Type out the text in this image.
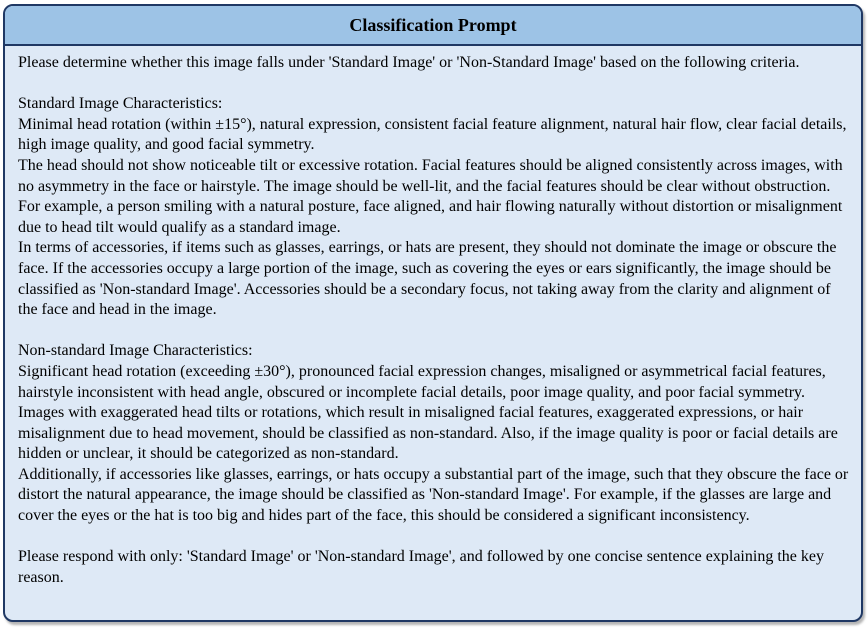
Classification Prompt
Please determine whether this image falls under 'Standard Image' or 'Non-Standard Image' based on the following criteria.
Standard Image Characteristics:
Minimal head rotation (within ±15°), natural expression, consistent facial feature alignment, natural hair flow, clear facial details, high image quality, and good facial symmetry.
The head should not show noticeable tilt or excessive rotation. Facial features should be aligned consistently across images, with no asymmetry in the face or hairstyle. The image should be well-lit, and the facial features should be clear without obstruction. For example, a person smiling with a natural posture, face aligned, and hair flowing naturally without distortion or misalignment due to head tilt would qualify as a standard image.
In terms of accessories, if items such as glasses, earrings, or hats are present, they should not dominate the image or obscure the face. If the accessories occupy a large portion of the image, such as covering the eyes or ears significantly, the image should be classified as 'Non-standard Image'. Accessories should be a secondary focus, not taking away from the clarity and alignment of the face and head in the image.
Non-standard Image Characteristics:
Significant head rotation (exceeding ±30°), pronounced facial expression changes, misaligned or asymmetrical facial features, hairstyle inconsistent with head angle, obscured or incomplete facial details, poor image quality, and poor facial symmetry.
Images with exaggerated head tilts or rotations, which result in misaligned facial features, exaggerated expressions, or hair misalignment due to head movement, should be classified as non-standard. Also, if the image quality is poor or facial details are hidden or unclear, it should be categorized as non-standard.
Additionally, if accessories like glasses, earrings, or hats occupy a substantial part of the image, such that they obscure the face or distort the natural appearance, the image should be classified as 'Non-standard Image'. For example, if the glasses are large and cover the eyes or the hat is too big and hides part of the face, this should be considered a significant inconsistency.
Please respond with only: 'Standard Image' or 'Non-standard Image', and followed by one concise sentence explaining the key reason.
